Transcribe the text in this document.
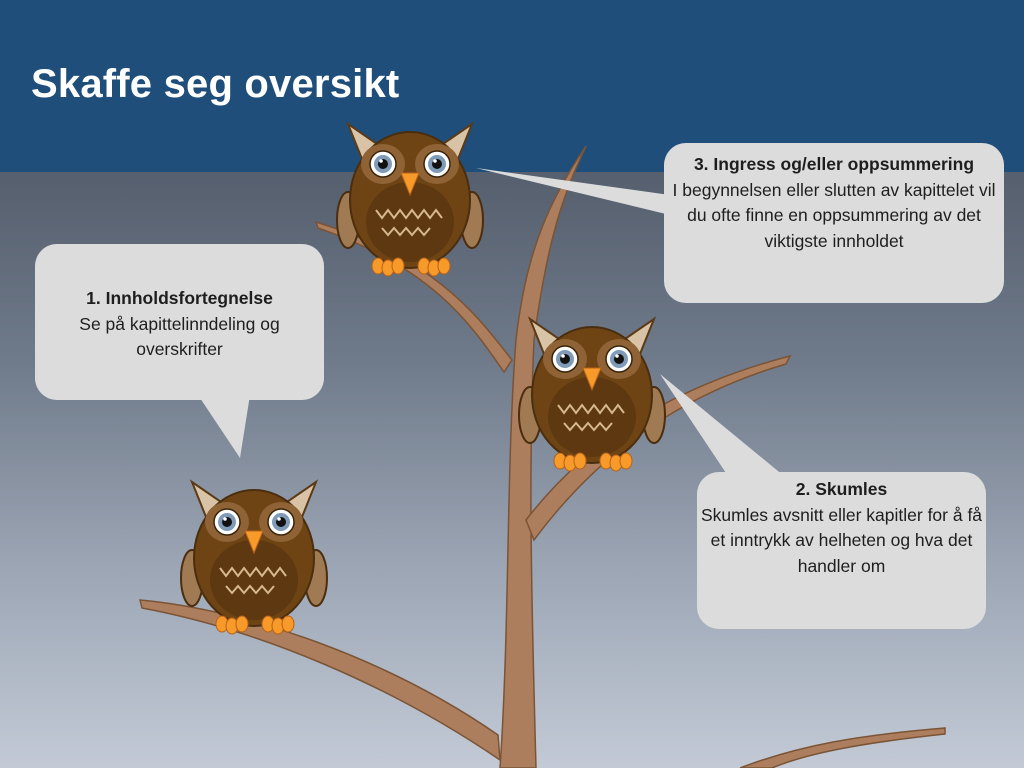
Skaffe seg oversikt
1. Innholdsfortegnelse
Se på kapittelinndeling og overskrifter
3. Ingress og/eller oppsummering
I begynnelsen eller slutten av kapittelet vil du ofte finne en oppsummering av det viktigste innholdet
2. Skumles
Skumles avsnitt eller kapitler for å få et inntrykk av helheten og hva det handler om
